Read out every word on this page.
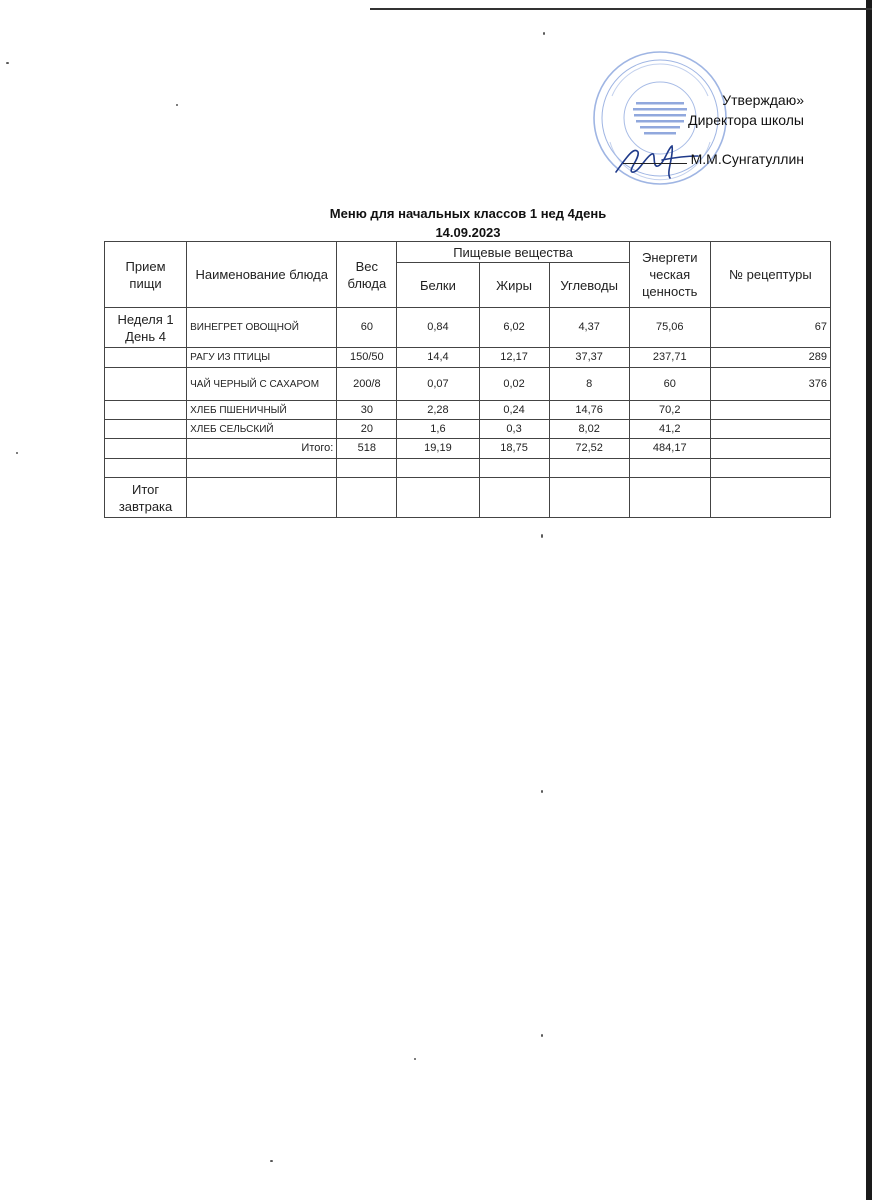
Утверждаю»
Директора школы
М.М.Сунгатуллин
Меню для начальных классов 1 нед 4день
14.09.2023
Прием пищи	Наименование блюда	Вес блюда	Пищевые вещества			Энергети ческая ценность	№ рецептуры
			Белки	Жиры	Углеводы		
Неделя 1 День 4	ВИНЕГРЕТ ОВОЩНОЙ	60	0,84	6,02	4,37	75,06	67
	РАГУ ИЗ ПТИЦЫ	150/50	14,4	12,17	37,37	237,71	289
	ЧАЙ ЧЕРНЫЙ С САХАРОМ	200/8	0,07	0,02	8	60	376
	ХЛЕБ ПШЕНИЧНЫЙ	30	2,28	0,24	14,76	70,2	
	ХЛЕБ СЕЛЬСКИЙ	20	1,6	0,3	8,02	41,2	
	Итого:	518	19,19	18,75	72,52	484,17	

Итог завтрака							
